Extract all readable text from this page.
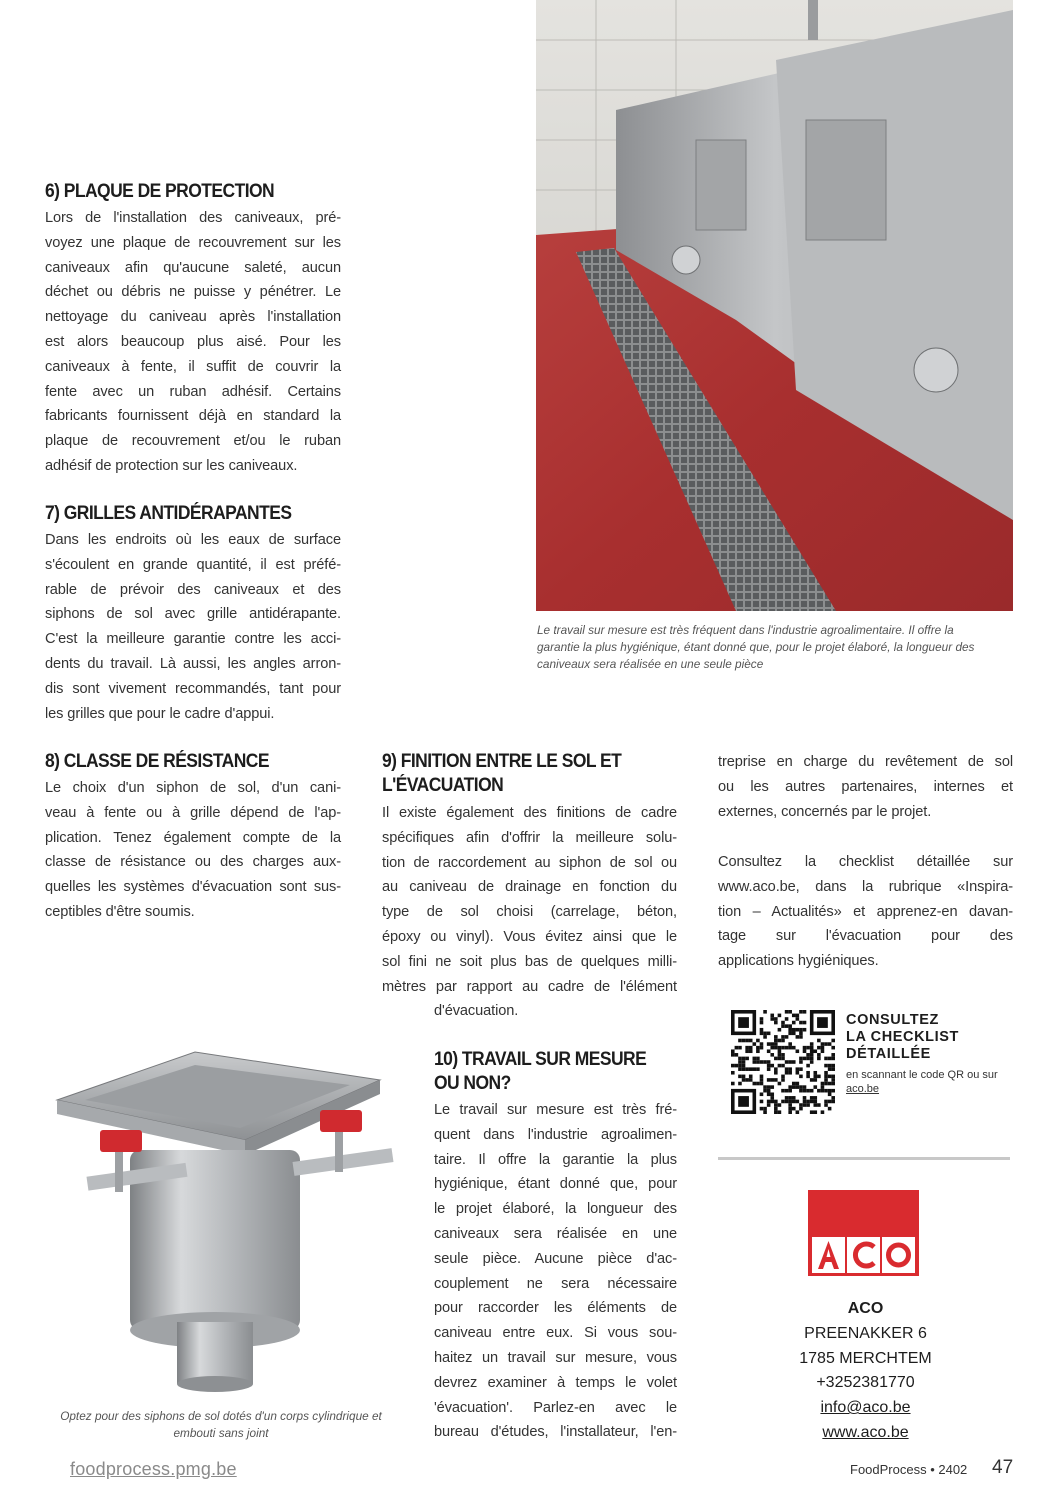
6) PLAQUE DE PROTECTION
Lors de l'installation des caniveaux, pré-
voyez une plaque de recouvrement sur les
caniveaux afin qu'aucune saleté, aucun
déchet ou débris ne puisse y pénétrer. Le
nettoyage du caniveau après l'installation
est alors beaucoup plus aisé. Pour les
caniveaux à fente, il suffit de couvrir la
fente avec un ruban adhésif. Certains
fabricants fournissent déjà en standard la
plaque de recouvrement et/ou le ruban
adhésif de protection sur les caniveaux.
7) GRILLES ANTIDÉRAPANTES
Dans les endroits où les eaux de surface
s'écoulent en grande quantité, il est préfé-
rable de prévoir des caniveaux et des
siphons de sol avec grille antidérapante.
C'est la meilleure garantie contre les acci-
dents du travail. Là aussi, les angles arron-
dis sont vivement recommandés, tant pour
les grilles que pour le cadre d'appui.
8) CLASSE DE RÉSISTANCE
Le choix d'un siphon de sol, d'un cani-
veau à fente ou à grille dépend de l'ap-
plication. Tenez également compte de la
classe de résistance ou des charges aux-
quelles les systèmes d'évacuation sont sus-
ceptibles d'être soumis.
Le travail sur mesure est très fréquent dans l'industrie agroalimentaire. Il offre la
garantie la plus hygiénique, étant donné que, pour le projet élaboré, la longueur des
caniveaux sera réalisée en une seule pièce
9) FINITION ENTRE LE SOL ET
L'ÉVACUATION
Il existe également des finitions de cadre
spécifiques afin d'offrir la meilleure solu-
tion de raccordement au siphon de sol ou
au caniveau de drainage en fonction du
type de sol choisi (carrelage, béton,
époxy ou vinyl). Vous évitez ainsi que le
sol fini ne soit plus bas de quelques milli-
mètres par rapport au cadre de l'élément

d'évacuation.

10) TRAVAIL SUR MESURE
OU NON?
Le travail sur mesure est très fré-
quent dans l'industrie agroalimen-
taire. Il offre la garantie la plus
hygiénique, étant donné que, pour
le projet élaboré, la longueur des
caniveaux sera réalisée en une
seule pièce. Aucune pièce d'ac-
couplement ne sera nécessaire
pour raccorder les éléments de
caniveau entre eux. Si vous sou-
haitez un travail sur mesure, vous
devrez examiner à temps le volet
'évacuation'. Parlez-en avec le
bureau d'études, l'installateur, l'en-
treprise en charge du revêtement de sol
ou les autres partenaires, internes et
externes, concernés par le projet.
Consultez la checklist détaillée sur
www.aco.be, dans la rubrique «Inspira-
tion – Actualités» et apprenez-en davan-
tage sur l'évacuation pour des
applications hygiéniques.
CONSULTEZ
LA CHECKLIST
DÉTAILLÉE
en scannant le code QR ou sur
aco.be

ACO

PREENAKKER 6

1785 MERCHTEM

+3252381770

info@aco.be

www.aco.be

Optez pour des siphons de sol dotés d'un corps cylindrique et
embouti sans joint
foodprocess.pmg.be	FoodProcess • 2402 47
